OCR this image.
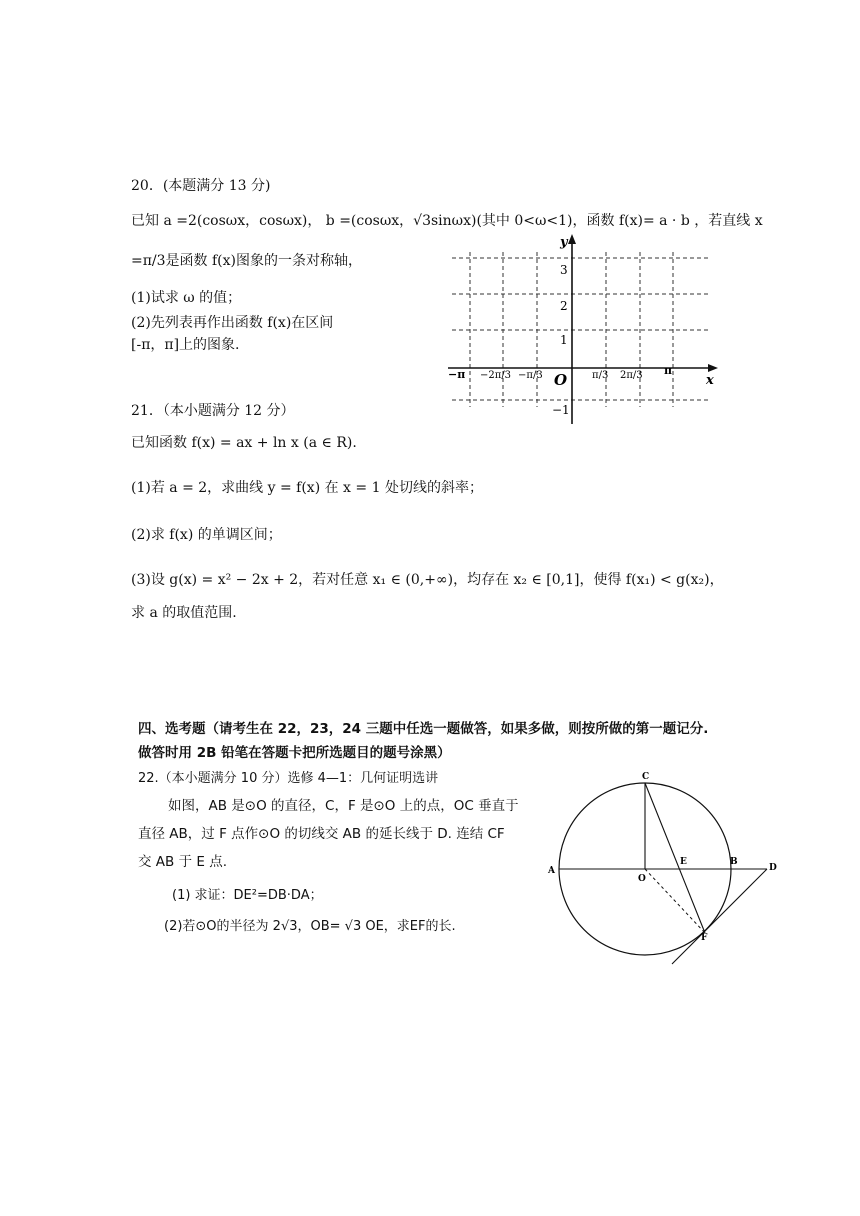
20．(本题满分 13 分)
已知 a =2(cosωx，cosωx)， b =(cosωx，√3sinωx)(其中 0<ω<1)，函数 f(x)= a · b ，若直线 x
=π/3是函数 f(x)图象的一条对称轴，
(1)试求 ω 的值；
(2)先列表再作出函数 f(x)在区间
[-π，π]上的图象.
y
x
O
3
2
1
−1
−π −2π/3 −π/3	π/3 2π/3 π
21．（本小题满分 12 分）
已知函数 f(x) = ax + ln x (a ∈ R).
(1)若 a = 2，求曲线 y = f(x) 在 x = 1 处切线的斜率；
(2)求 f(x) 的单调区间；
(3)设 g(x) = x² − 2x + 2，若对任意 x₁ ∈ (0,+∞)，均存在 x₂ ∈ [0,1]，使得 f(x₁) < g(x₂)，
求 a 的取值范围.
四、选考题（请考生在 22，23，24 三题中任选一题做答，如果多做，则按所做的第一题记分.
做答时用 2B 铅笔在答题卡把所选题目的题号涂黑）
22.（本小题满分 10 分）选修 4—1：几何证明选讲
如图，AB 是⊙O 的直径，C，F 是⊙O 上的点，OC 垂直于
直径 AB，过 F 点作⊙O 的切线交 AB 的延长线于 D. 连结 CF
交 AB 于 E 点.
(1) 求证：DE²=DB·DA；
(2)若⊙O的半径为 2√3，OB= √3 OE，求EF的长.
A
B
C
D
E
F
O
